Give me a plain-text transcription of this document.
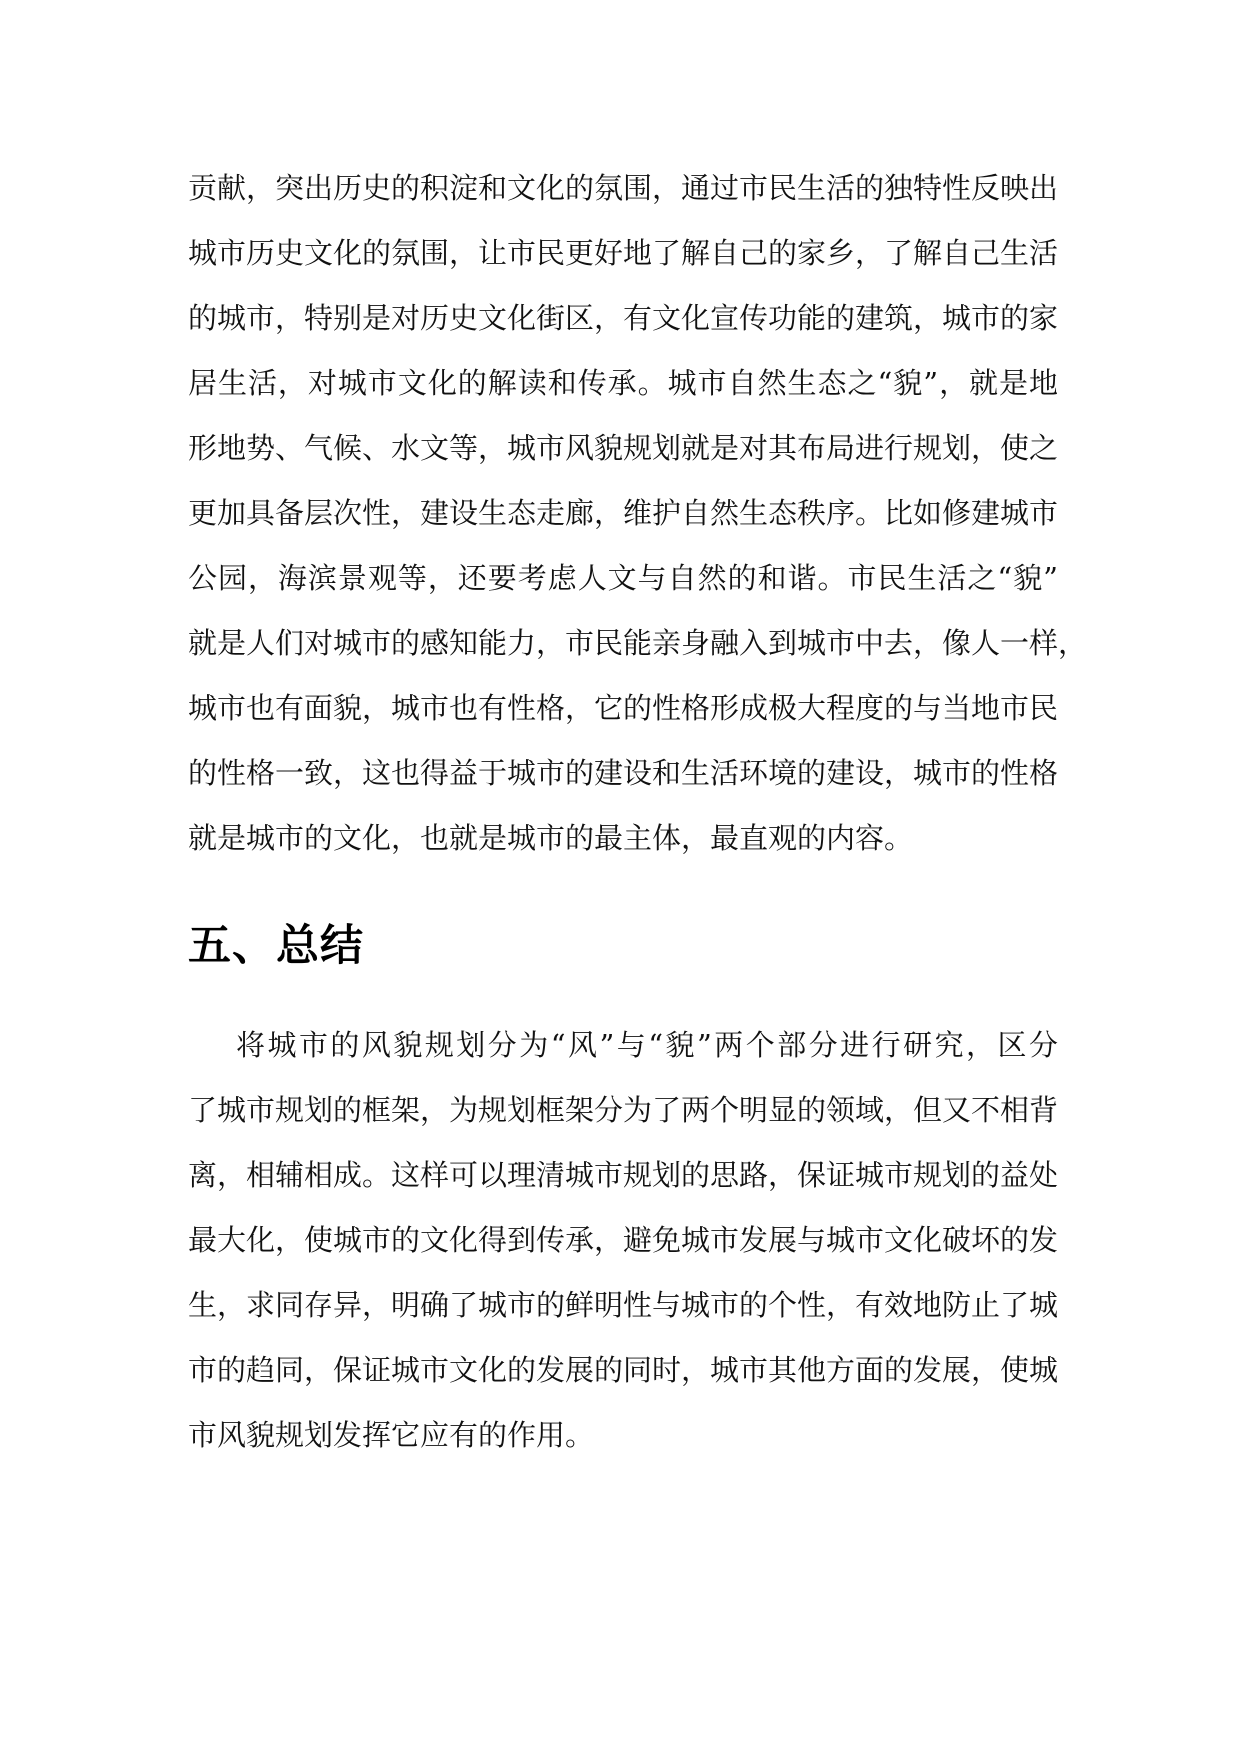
贡献，突出历史的积淀和文化的氛围，通过市民生活的独特性反映出
城市历史文化的氛围，让市民更好地了解自己的家乡，了解自己生活
的城市，特别是对历史文化街区，有文化宣传功能的建筑，城市的家
居生活，对城市文化的解读和传承。城市自然生态之“貌”，就是地
形地势、气候、水文等，城市风貌规划就是对其布局进行规划，使之
更加具备层次性，建设生态走廊，维护自然生态秩序。比如修建城市
公园，海滨景观等，还要考虑人文与自然的和谐。市民生活之“貌”
就是人们对城市的感知能力，市民能亲身融入到城市中去，像人一样，
城市也有面貌，城市也有性格，它的性格形成极大程度的与当地市民
的性格一致，这也得益于城市的建设和生活环境的建设，城市的性格
就是城市的文化，也就是城市的最主体，最直观的内容。
五、总结
将城市的风貌规划分为“风”与“貌”两个部分进行研究，区分
了城市规划的框架，为规划框架分为了两个明显的领域，但又不相背
离，相辅相成。这样可以理清城市规划的思路，保证城市规划的益处
最大化，使城市的文化得到传承，避免城市发展与城市文化破坏的发
生，求同存异，明确了城市的鲜明性与城市的个性，有效地防止了城
市的趋同，保证城市文化的发展的同时，城市其他方面的发展，使城
市风貌规划发挥它应有的作用。
